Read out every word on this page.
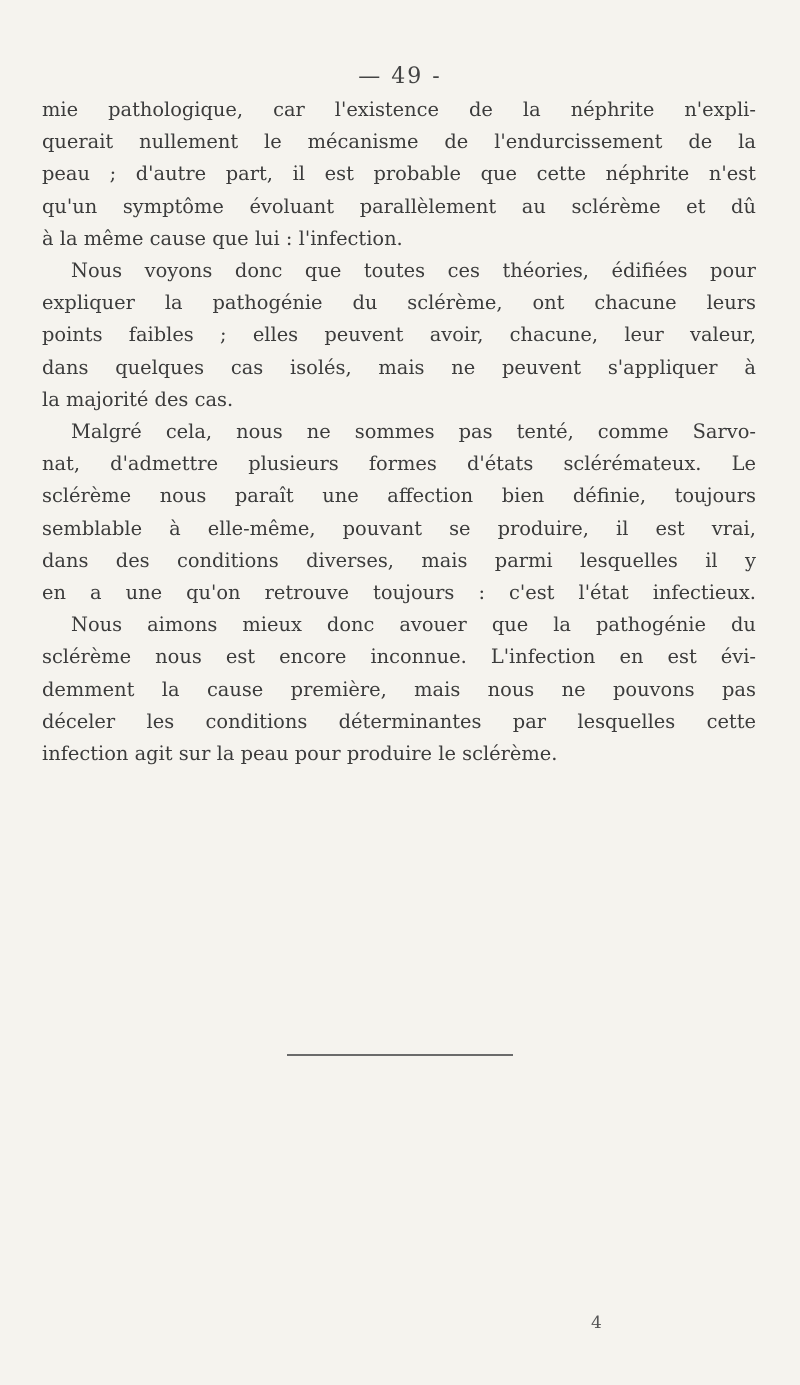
— 49 -
mie pathologique, car l'existence de la néphrite n'expli-
querait nullement le mécanisme de l'endurcissement de la
peau ; d'autre part, il est probable que cette néphrite n'est
qu'un symptôme évoluant parallèlement au sclérème et dû
à la même cause que lui : l'infection.
Nous voyons donc que toutes ces théories, édifiées pour
expliquer la pathogénie du sclérème, ont chacune leurs
points faibles ; elles peuvent avoir, chacune, leur valeur,
dans quelques cas isolés, mais ne peuvent s'appliquer à
la majorité des cas.
Malgré cela, nous ne sommes pas tenté, comme Sarvo-
nat, d'admettre plusieurs formes d'états sclérémateux. Le
sclérème nous paraît une affection bien définie, toujours
semblable à elle-même, pouvant se produire, il est vrai,
dans des conditions diverses, mais parmi lesquelles il y
en a une qu'on retrouve toujours : c'est l'état infectieux.
Nous aimons mieux donc avouer que la pathogénie du
sclérème nous est encore inconnue. L'infection en est évi-
demment la cause première, mais nous ne pouvons pas
déceler les conditions déterminantes par lesquelles cette
infection agit sur la peau pour produire le sclérème.
4
